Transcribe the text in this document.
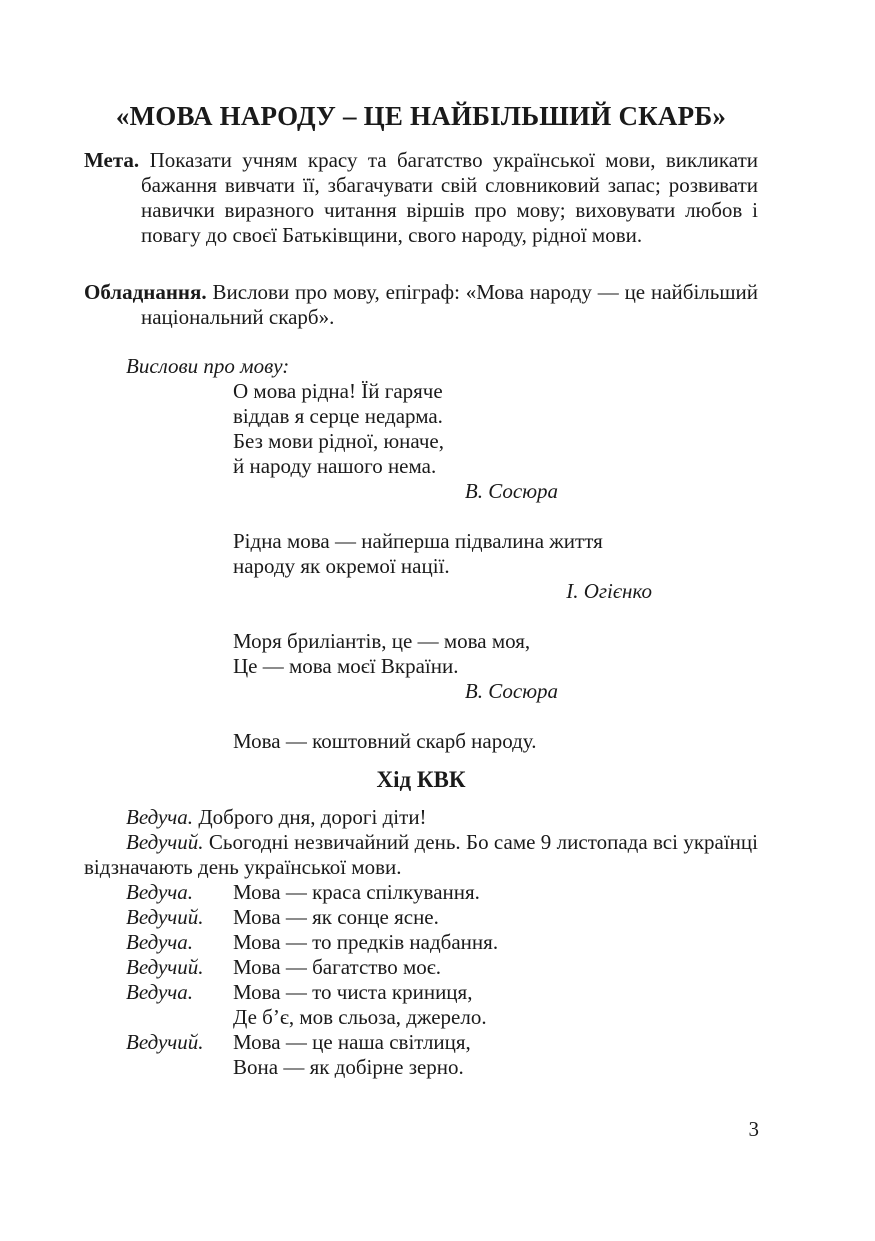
«МОВА НАРОДУ – ЦЕ НАЙБІЛЬШИЙ СКАРБ»

Мета. Показати учням красу та багатство української мови, викликати бажання вивчати її, збагачувати свій словниковий запас; розвивати навички виразного читання віршів про мову; виховувати любов і повагу до своєї Батьківщини, свого народу, рідної мови.

Обладнання. Вислови про мову, епіграф: «Мова народу — це найбільший національний скарб».

Вислови про мову:
О мова рідна! Їй гаряче
віддав я серце недарма.
Без мови рідної, юначе,
й народу нашого нема.
В. Сосюра
Рідна мова — найперша підвалина життя
народу як окремої нації.
І. Огієнко
Моря бриліантів, це — мова моя,
Це — мова моєї Вкраїни.
В. Сосюра
Мова — коштовний скарб народу.
Хід КВК

Ведуча. Доброго дня, дорогі діти!

Ведучий. Сьогодні незвичайний день. Бо саме 9 листопада всі українці відзначають день української мови.

Ведуча. Мова — краса спілкування.
Ведучий. Мова — як сонце ясне.
Ведуча. Мова — то предків надбання.
Ведучий. Мова — багатство моє.
Ведуча. Мова — то чиста криниця,
Де б’є, мов сльоза, джерело.
Ведучий. Мова — це наша світлиця,
Вона — як добірне зерно.
3
